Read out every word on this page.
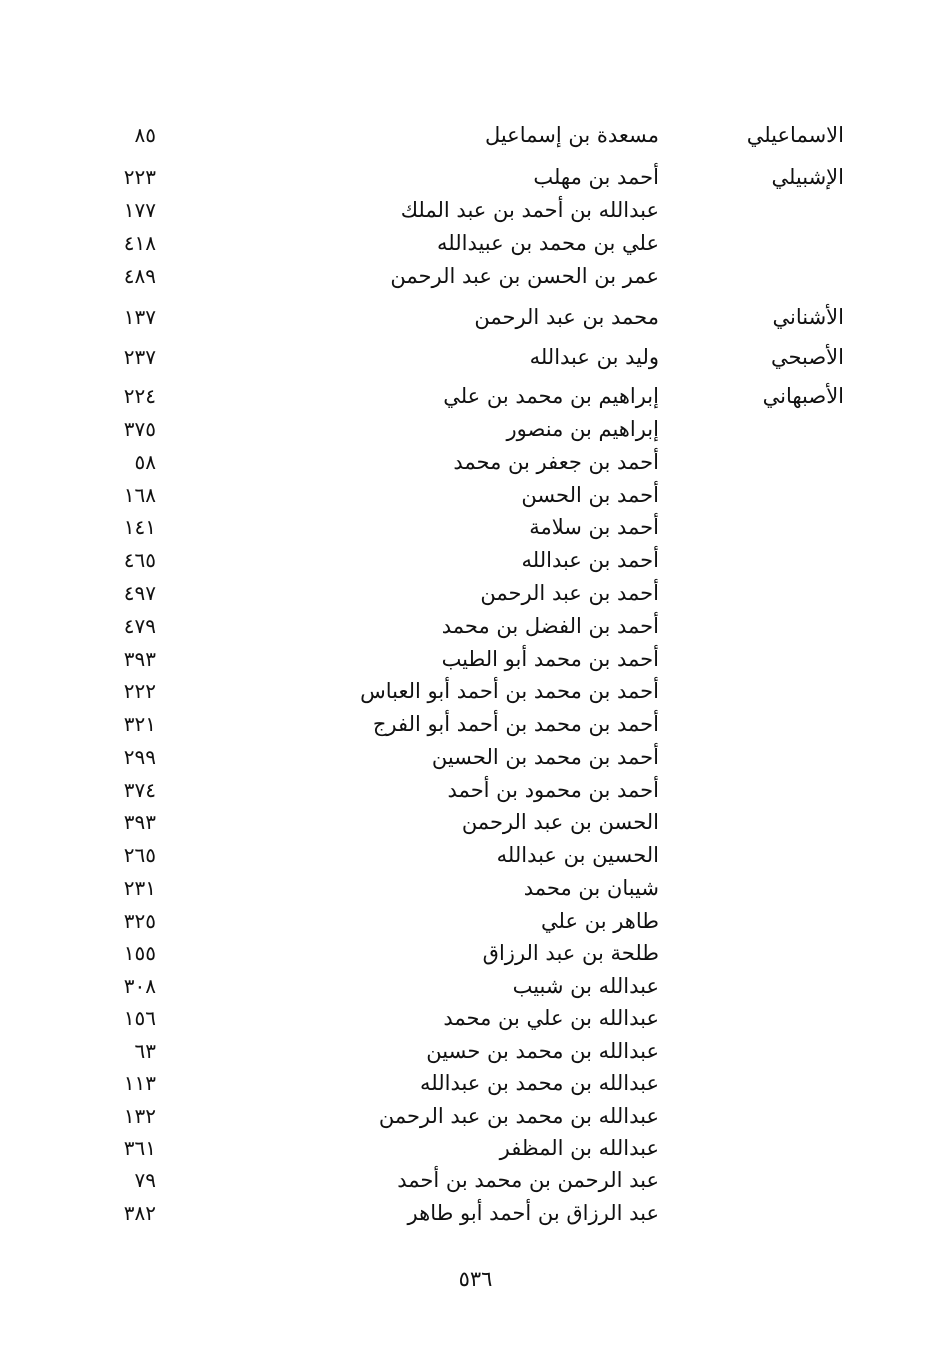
الاسماعيلي
مسعدة بن إسماعيل
٨٥
الإشبيلي
أحمد بن مهلب
٢٢٣
عبدالله بن أحمد بن عبد الملك
١٧٧
علي بن محمد بن عبيدالله
٤١٨
عمر بن الحسن بن عبد الرحمن
٤٨٩
الأشناني
محمد بن عبد الرحمن
١٣٧
الأصبحي
وليد بن عبدالله
٢٣٧
الأصبهاني
إبراهيم بن محمد بن علي
٢٢٤
إبراهيم بن منصور
٣٧٥
أحمد بن جعفر بن محمد
٥٨
أحمد بن الحسن
١٦٨
أحمد بن سلامة
١٤١
أحمد بن عبدالله
٤٦٥
أحمد بن عبد الرحمن
٤٩٧
أحمد بن الفضل بن محمد
٤٧٩
أحمد بن محمد أبو الطيب
٣٩٣
أحمد بن محمد بن أحمد أبو العباس
٢٢٢
أحمد بن محمد بن أحمد أبو الفرج
٣٢١
أحمد بن محمد بن الحسين
٢٩٩
أحمد بن محمود بن أحمد
٣٧٤
الحسن بن عبد الرحمن
٣٩٣
الحسين بن عبدالله
٢٦٥
شيبان بن محمد
٢٣١
طاهر بن علي
٣٢٥
طلحة بن عبد الرزاق
١٥٥
عبدالله بن شبيب
٣٠٨
عبدالله بن علي بن محمد
١٥٦
عبدالله بن محمد بن حسين
٦٣
عبدالله بن محمد بن عبدالله
١١٣
عبدالله بن محمد بن عبد الرحمن
١٣٢
عبدالله بن المظفر
٣٦١
عبد الرحمن بن محمد بن أحمد
٧٩
عبد الرزاق بن أحمد أبو طاهر
٣٨٢
٥٣٦
